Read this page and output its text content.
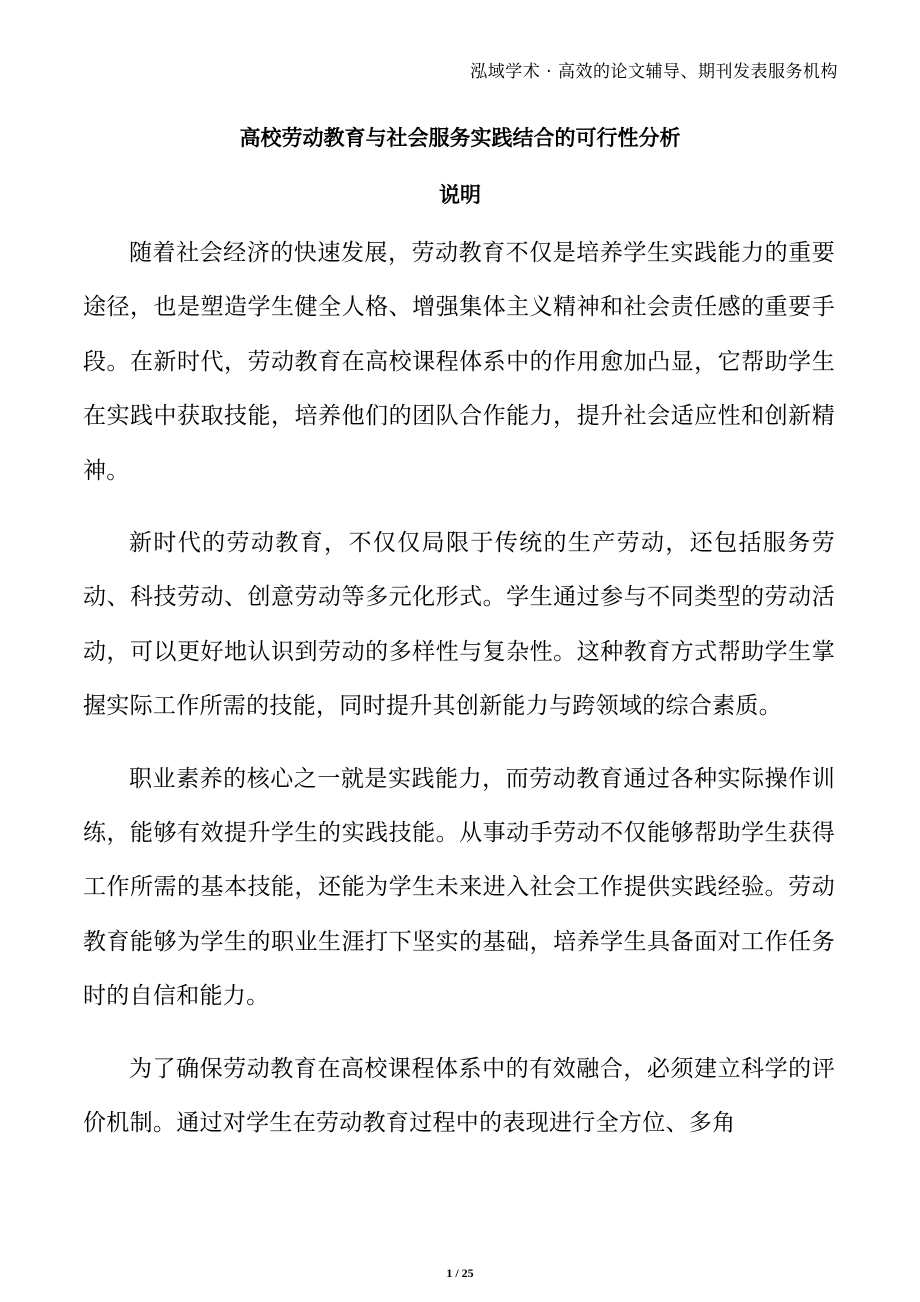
泓域学术 · 高效的论文辅导、期刊发表服务机构
高校劳动教育与社会服务实践结合的可行性分析
说明

随着社会经济的快速发展，劳动教育不仅是培养学生实践能力的重要途径，也是塑造学生健全人格、增强集体主义精神和社会责任感的重要手段。在新时代，劳动教育在高校课程体系中的作用愈加凸显，它帮助学生在实践中获取技能，培养他们的团队合作能力，提升社会适应性和创新精神。

新时代的劳动教育，不仅仅局限于传统的生产劳动，还包括服务劳动、科技劳动、创意劳动等多元化形式。学生通过参与不同类型的劳动活动，可以更好地认识到劳动的多样性与复杂性。这种教育方式帮助学生掌握实际工作所需的技能，同时提升其创新能力与跨领域的综合素质。

职业素养的核心之一就是实践能力，而劳动教育通过各种实际操作训练，能够有效提升学生的实践技能。从事动手劳动不仅能够帮助学生获得工作所需的基本技能，还能为学生未来进入社会工作提供实践经验。劳动教育能够为学生的职业生涯打下坚实的基础，培养学生具备面对工作任务时的自信和能力。

为了确保劳动教育在高校课程体系中的有效融合，必须建立科学的评价机制。通过对学生在劳动教育过程中的表现进行全方位、多角

1 / 25
